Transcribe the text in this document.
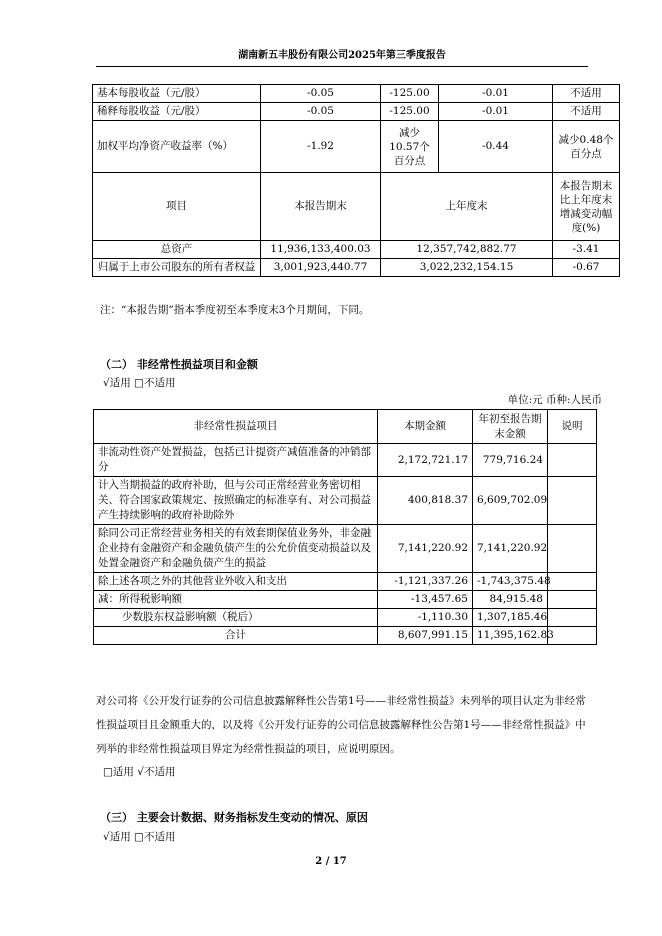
湖南新五丰股份有限公司2025年第三季度报告
基本每股收益（元/股）	-0.05	-125.00	-0.01	不适用
稀释每股收益（元/股）	-0.05	-125.00	-0.01	不适用
加权平均净资产收益率（%）	-1.92	减少10.57个百分点	-0.44	减少0.48个百分点
项目	本报告期末	上年度末		本报告期末比上年度末增减变动幅度(%)
总资产	11,936,133,400.03	12,357,742,882.77		-3.41
归属于上市公司股东的所有者权益	3,001,923,440.77	3,022,232,154.15		-0.67
注：“本报告期”指本季度初至本季度末3个月期间，下同。
（二） 非经常性损益项目和金额
√适用 □不适用
单位:元 币种:人民币
非经常性损益项目	本期金额	年初至报告期末金额	说明
非流动性资产处置损益，包括已计提资产减值准备的冲销部分	2,172,721.17	779,716.24	
计入当期损益的政府补助，但与公司正常经营业务密切相关、符合国家政策规定、按照确定的标准享有、对公司损益产生持续影响的政府补助除外	400,818.37	6,609,702.09	
除同公司正常经营业务相关的有效套期保值业务外，非金融企业持有金融资产和金融负债产生的公允价值变动损益以及处置金融资产和金融负债产生的损益	7,141,220.92	7,141,220.92	
除上述各项之外的其他营业外收入和支出	-1,121,337.26	-1,743,375.48	
减：所得税影响额	-13,457.65	84,915.48	
少数股东权益影响额（税后）	-1,110.30	1,307,185.46	
合计	8,607,991.15	11,395,162.83	
对公司将《公开发行证券的公司信息披露解释性公告第1号——非经常性损益》未列举的项目认定为非经常性损益项目且金额重大的，以及将《公开发行证券的公司信息披露解释性公告第1号——非经常性损益》中列举的非经常性损益项目界定为经常性损益的项目，应说明原因。
□适用 √不适用
（三） 主要会计数据、财务指标发生变动的情况、原因
√适用 □不适用
2 / 17
